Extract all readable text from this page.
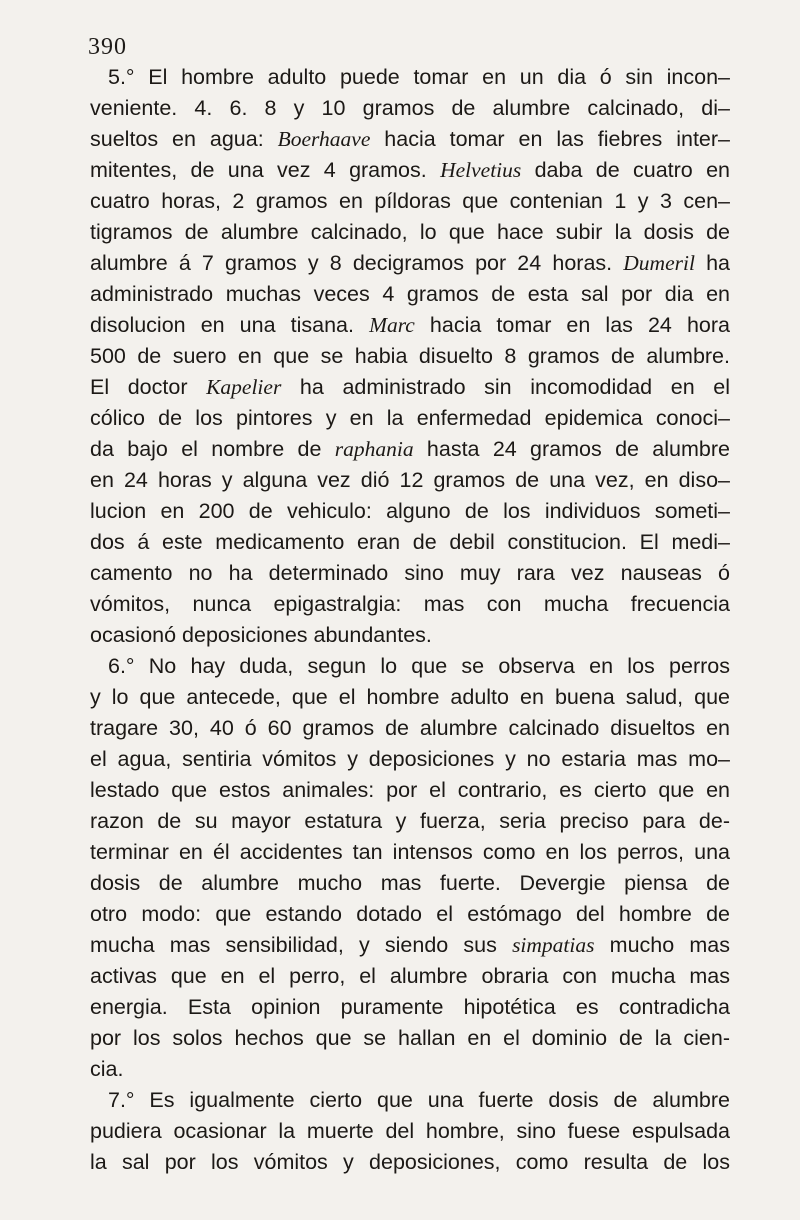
390
5.° El hombre adulto puede tomar en un dia ó sin incon–
veniente. 4. 6. 8 y 10 gramos de alumbre calcinado, di–
sueltos en agua: Boerhaave hacia tomar en las fiebres inter–
mitentes, de una vez 4 gramos. Helvetius daba de cuatro en
cuatro horas, 2 gramos en píldoras que contenian 1 y 3 cen–
tigramos de alumbre calcinado, lo que hace subir la dosis de
alumbre á 7 gramos y 8 decigramos por 24 horas. Dumeril ha
administrado muchas veces 4 gramos de esta sal por dia en
disolucion en una tisana. Marc hacia tomar en las 24 hora
500 de suero en que se habia disuelto 8 gramos de alumbre.
El doctor Kapelier ha administrado sin incomodidad en el
cólico de los pintores y en la enfermedad epidemica conoci–
da bajo el nombre de raphania hasta 24 gramos de alumbre
en 24 horas y alguna vez dió 12 gramos de una vez, en diso–
lucion en 200 de vehiculo: alguno de los individuos someti–
dos á este medicamento eran de debil constitucion. El medi–
camento no ha determinado sino muy rara vez nauseas ó
vómitos, nunca epigastralgia: mas con mucha frecuencia
ocasionó deposiciones abundantes.
6.° No hay duda, segun lo que se observa en los perros
y lo que antecede, que el hombre adulto en buena salud, que
tragare 30, 40 ó 60 gramos de alumbre calcinado disueltos en
el agua, sentiria vómitos y deposiciones y no estaria mas mo–
lestado que estos animales: por el contrario, es cierto que en
razon de su mayor estatura y fuerza, seria preciso para de-
terminar en él accidentes tan intensos como en los perros, una
dosis de alumbre mucho mas fuerte. Devergie piensa de
otro modo: que estando dotado el estómago del hombre de
mucha mas sensibilidad, y siendo sus simpatias mucho mas
activas que en el perro, el alumbre obraria con mucha mas
energia. Esta opinion puramente hipotética es contradicha
por los solos hechos que se hallan en el dominio de la cien-
cia.
7.° Es igualmente cierto que una fuerte dosis de alumbre
pudiera ocasionar la muerte del hombre, sino fuese espulsada
la sal por los vómitos y deposiciones, como resulta de los
